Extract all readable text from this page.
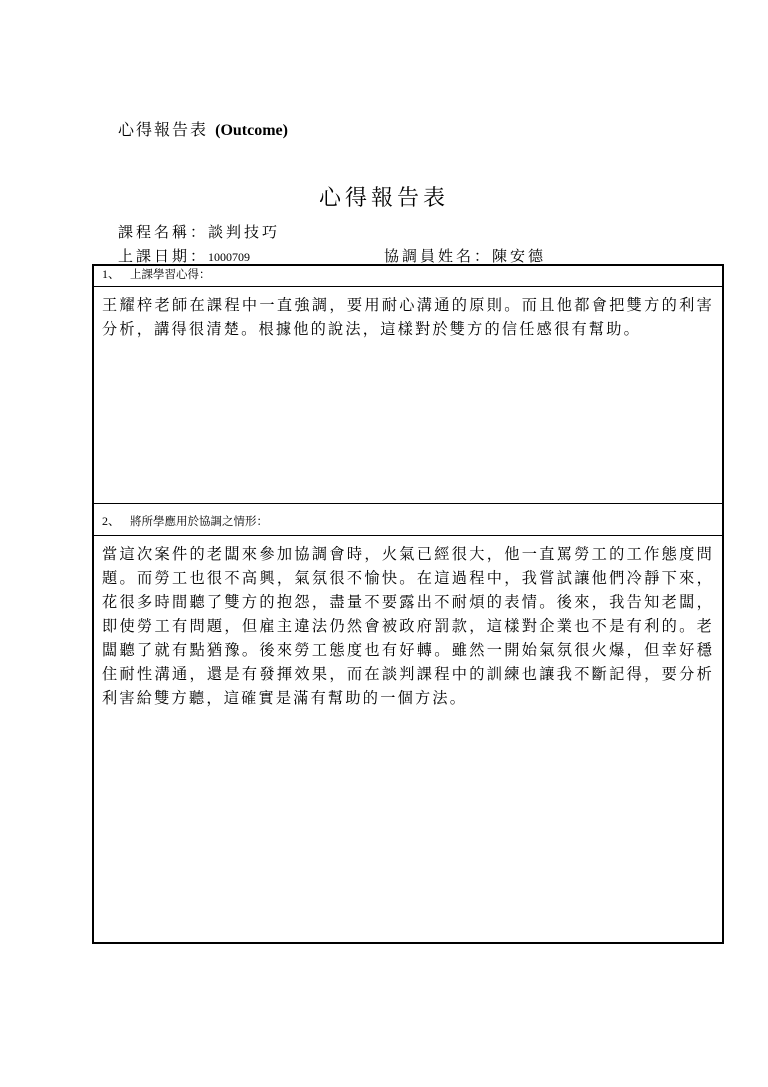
心得報告表 (Outcome)
心得報告表
課程名稱：談判技巧
上課日期：1000709	協調員姓名：陳安德
1、 上課學習心得：
王耀梓老師在課程中一直強調，要用耐心溝通的原則。而且他都會把雙方的利害分析，講得很清楚。根據他的說法，這樣對於雙方的信任感很有幫助。
2、 將所學應用於協調之情形：
當這次案件的老闆來參加協調會時，火氣已經很大，他一直罵勞工的工作態度問題。而勞工也很不高興，氣氛很不愉快。在這過程中，我嘗試讓他們冷靜下來，花很多時間聽了雙方的抱怨，盡量不要露出不耐煩的表情。後來，我告知老闆，即使勞工有問題，但雇主違法仍然會被政府罰款，這樣對企業也不是有利的。老闆聽了就有點猶豫。後來勞工態度也有好轉。雖然一開始氣氛很火爆，但幸好穩住耐性溝通，還是有發揮效果，而在談判課程中的訓練也讓我不斷記得，要分析利害給雙方聽，這確實是滿有幫助的一個方法。
